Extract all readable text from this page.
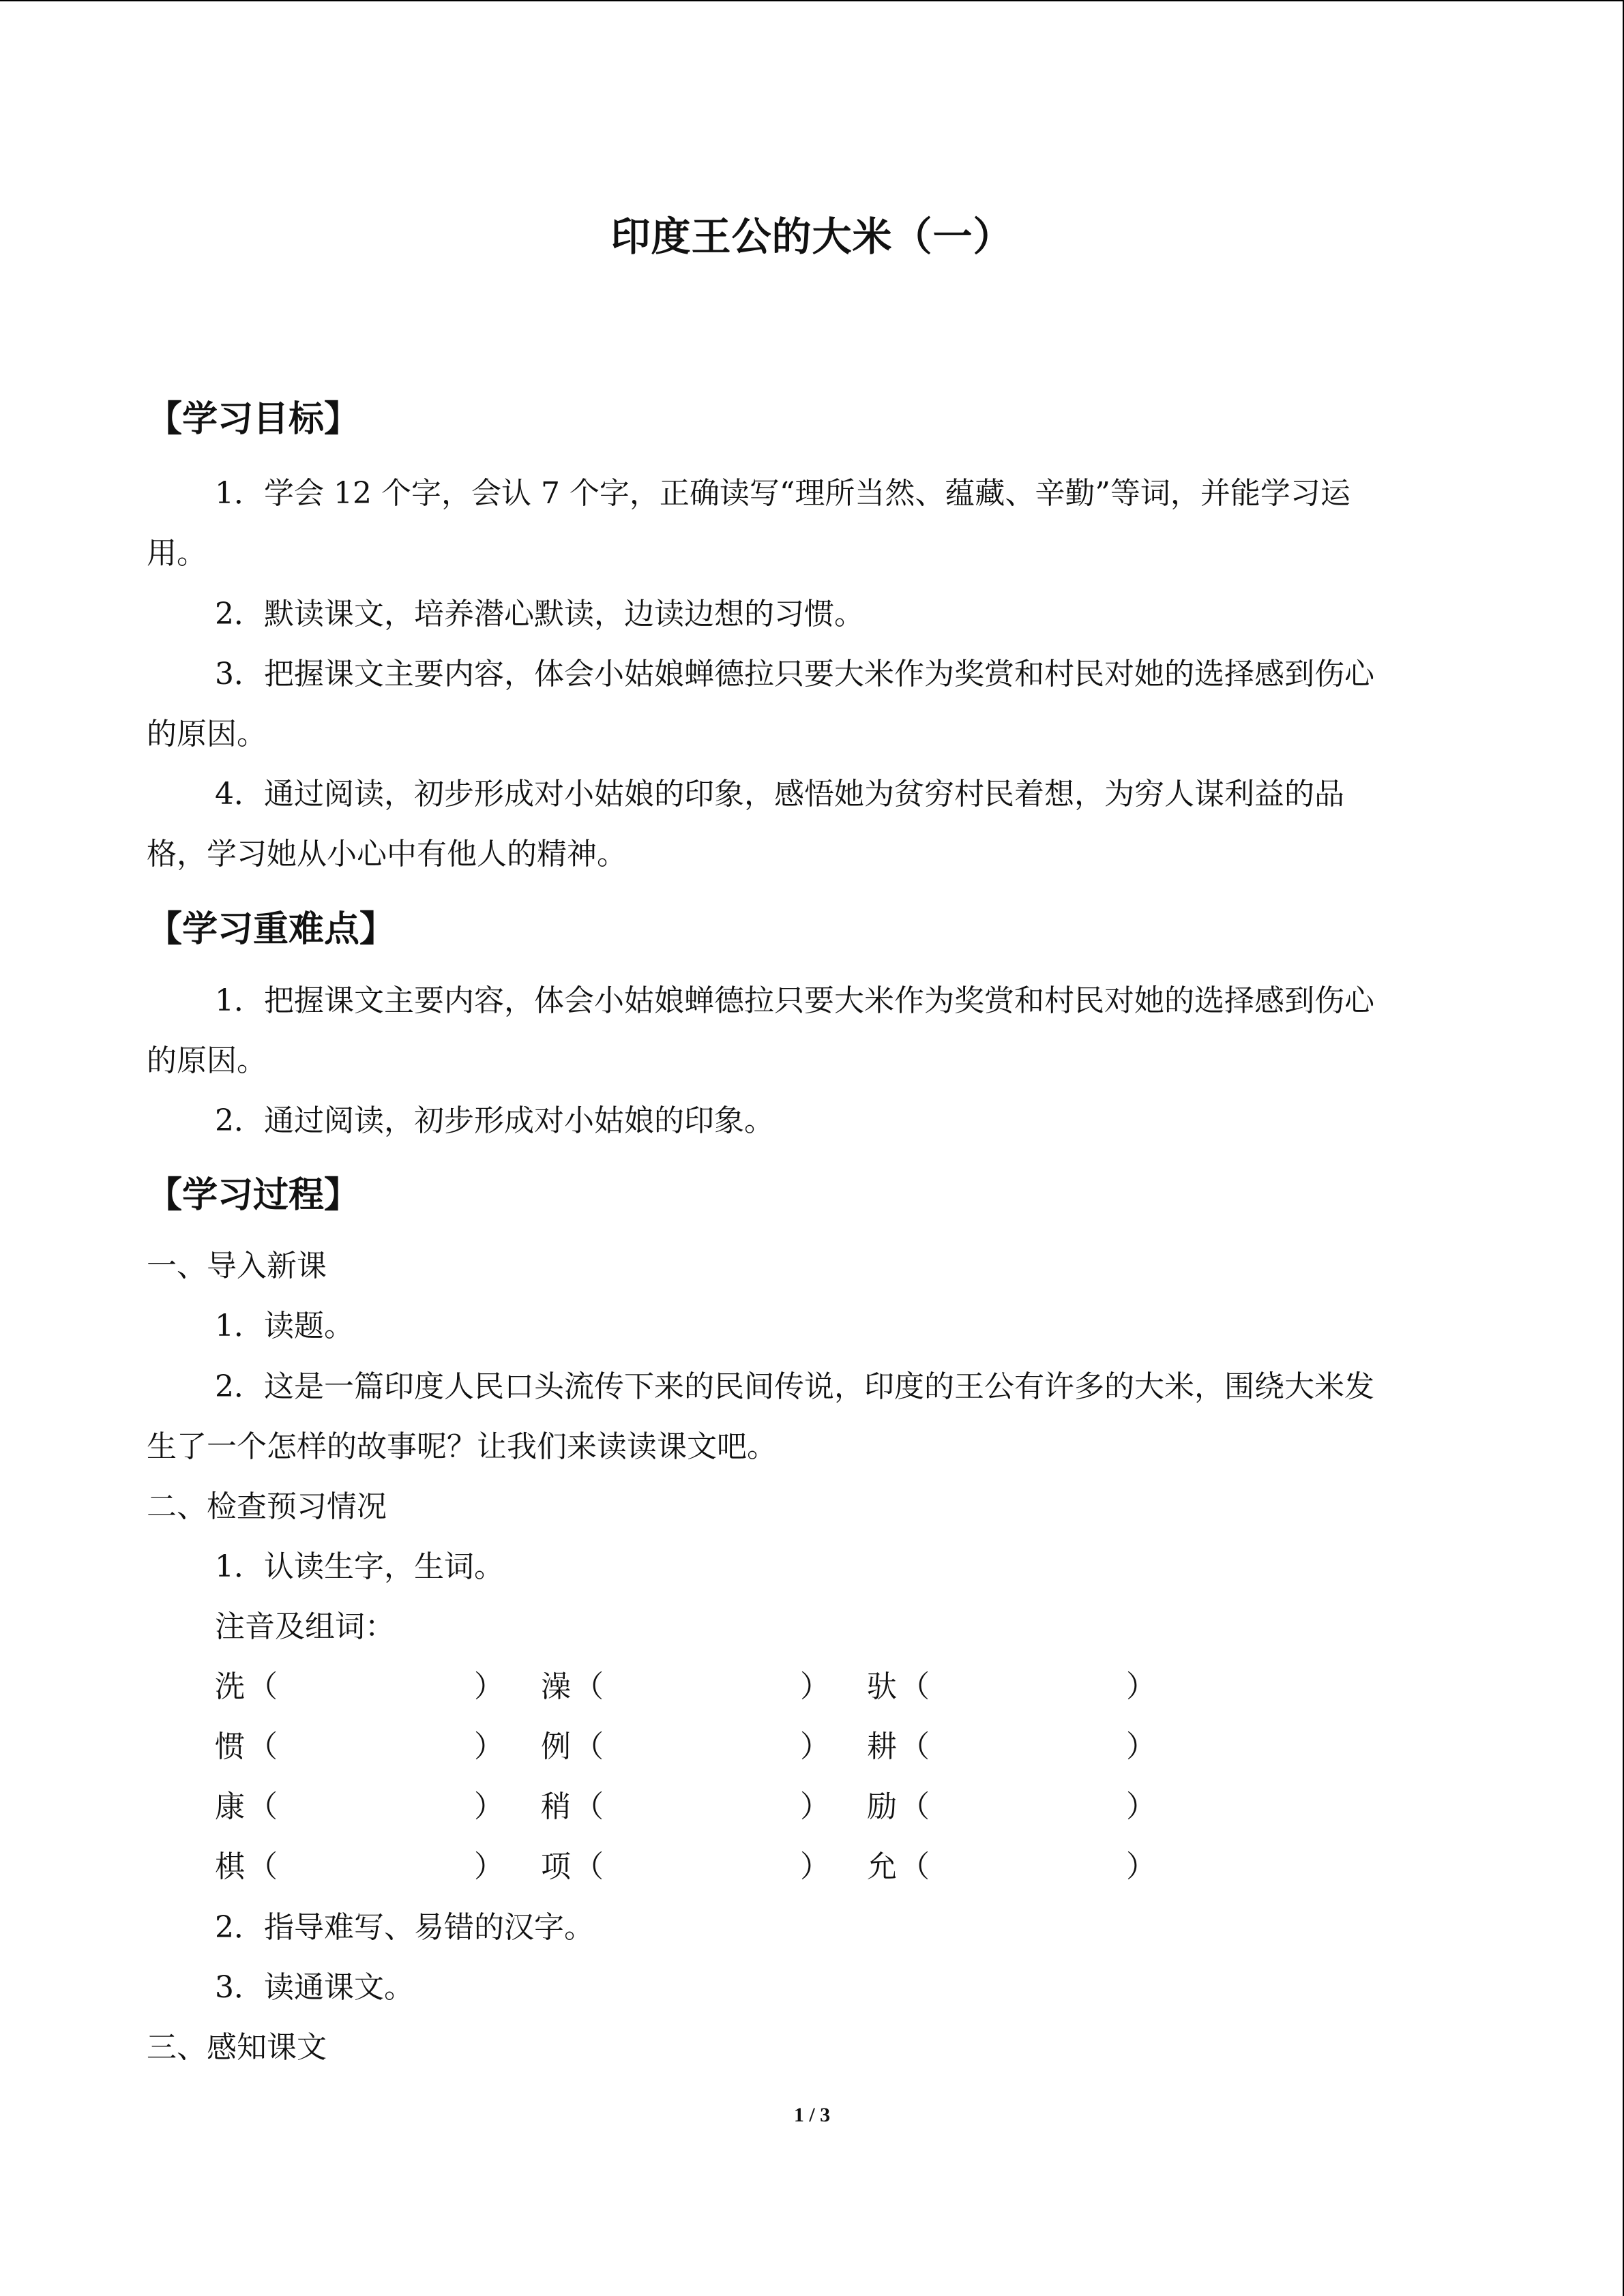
印度王公的大米（一）
【学习目标】
1．学会 12 个字，会认 7 个字，正确读写“理所当然、蕴藏、辛勤”等词，并能学习运
用。
2．默读课文，培养潜心默读，边读边想的习惯。
3．把握课文主要内容，体会小姑娘蝉德拉只要大米作为奖赏和村民对她的选择感到伤心
的原因。
4．通过阅读，初步形成对小姑娘的印象，感悟她为贫穷村民着想，为穷人谋利益的品
格，学习她从小心中有他人的精神。
【学习重难点】
1．把握课文主要内容，体会小姑娘蝉德拉只要大米作为奖赏和村民对她的选择感到伤心
的原因。
2．通过阅读，初步形成对小姑娘的印象。
【学习过程】
一、导入新课
1．读题。
2．这是一篇印度人民口头流传下来的民间传说，印度的王公有许多的大米，围绕大米发
生了一个怎样的故事呢？让我们来读读课文吧。
二、检查预习情况
1．认读生字，生词。
注音及组词：
洗（	） 澡（	） 驮（	）
惯（	） 例（	） 耕（	）
康（	） 稍（	） 励（	）
棋（	） 项（	） 允（	）
2．指导难写、易错的汉字。
3．读通课文。
三、感知课文
1 / 3
